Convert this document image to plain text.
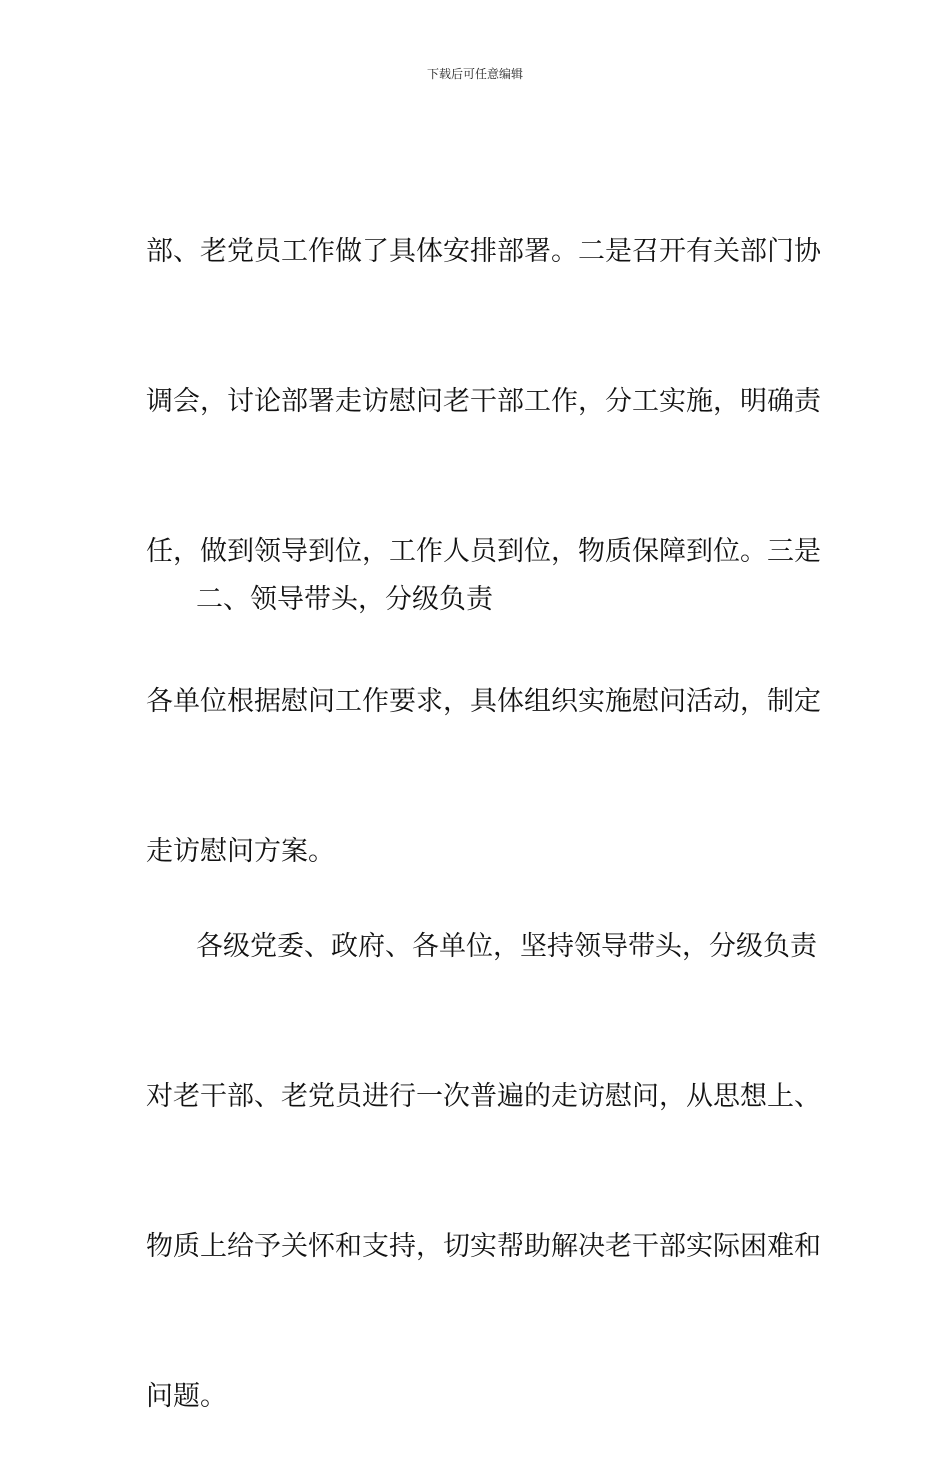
下载后可任意编辑

部、老党员工作做了具体安排部署。二是召开有关部门协

调会，讨论部署走访慰问老干部工作，分工实施，明确责

任，做到领导到位，工作人员到位，物质保障到位。三是

各单位根据慰问工作要求，具体组织实施慰问活动，制定

走访慰问方案。

二、领导带头，分级负责

各级党委、政府、各单位，坚持领导带头，分级负责

对老干部、老党员进行一次普遍的走访慰问，从思想上、

物质上给予关怀和支持，切实帮助解决老干部实际困难和

问题。
